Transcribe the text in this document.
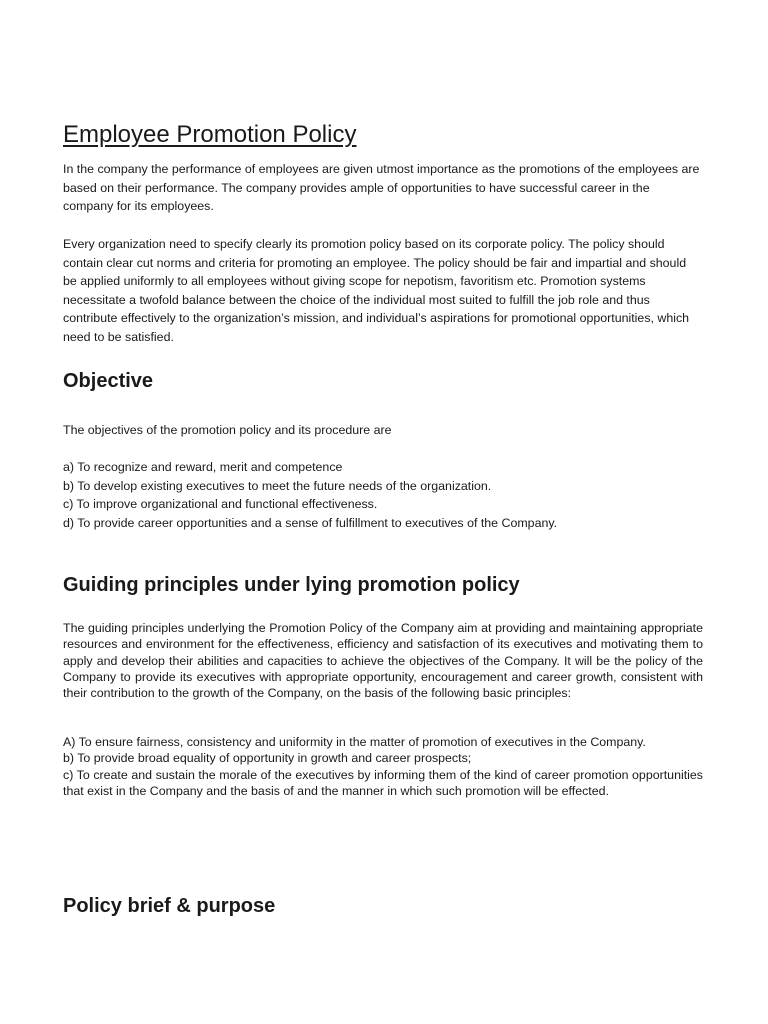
Employee Promotion Policy

In the company the performance of employees are given utmost importance as the promotions of the employees are based on their performance. The company provides ample of opportunities to have successful career in the company for its employees.

Every organization need to specify clearly its promotion policy based on its corporate policy. The policy should contain clear cut norms and criteria for promoting an employee. The policy should be fair and impartial and should be applied uniformly to all employees without giving scope for nepotism, favoritism etc. Promotion systems necessitate a twofold balance between the choice of the individual most suited to fulfill the job role and thus contribute effectively to the organization’s mission, and individual’s aspirations for promotional opportunities, which need to be satisfied.

Objective

The objectives of the promotion policy and its procedure are

a) To recognize and reward, merit and competence
b) To develop existing executives to meet the future needs of the organization.
c) To improve organizational and functional effectiveness.
d) To provide career opportunities and a sense of fulfillment to executives of the Company.
Guiding principles under lying promotion policy

The guiding principles underlying the Promotion Policy of the Company aim at providing and maintaining appropriate resources and environment for the effectiveness, efficiency and satisfaction of its executives and motivating them to apply and develop their abilities and capacities to achieve the objectives of the Company. It will be the policy of the Company to provide its executives with appropriate opportunity, encouragement and career growth, consistent with their contribution to the growth of the Company, on the basis of the following basic principles:

A) To ensure fairness, consistency and uniformity in the matter of promotion of executives in the Company.
b) To provide broad equality of opportunity in growth and career prospects;
c) To create and sustain the morale of the executives by informing them of the kind of career promotion opportunities that exist in the Company and the basis of and the manner in which such promotion will be effected.
Policy brief & purpose
